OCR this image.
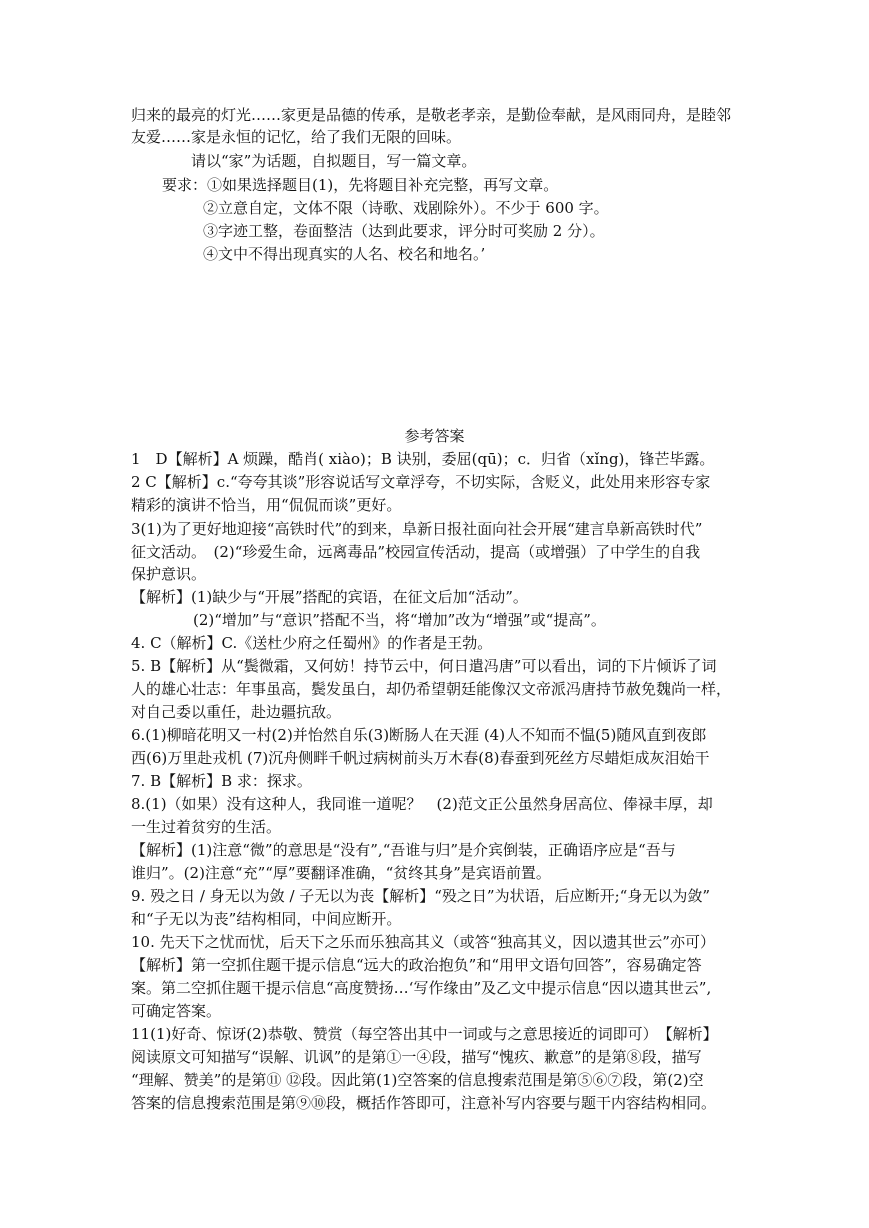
归来的最亮的灯光……家更是品德的传承，是敬老孝亲，是勤俭奉献，是风雨同舟，是睦邻
友爱……家是永恒的记忆，给了我们无限的回味。
请以“家”为话题，自拟题目，写一篇文章。
要求：①如果选择题目(1)，先将题目补充完整，再写文章。
②立意自定，文体不限（诗歌、戏剧除外）。不少于 600 字。
③字迹工整，卷面整洁（达到此要求，评分时可奖励 2 分）。
④文中不得出现真实的人名、校名和地名。’
参考答案
1　D【解析】A 烦躁，酷肖( xiào)；B 诀别，委屈(qū)；c．归省（xǐng)，锋芒毕露。
2 C【解析】c.“夸夸其谈”形容说话写文章浮夸，不切实际，含贬义，此处用来形容专家
精彩的演讲不恰当，用“侃侃而谈”更好。
3(1)为了更好地迎接“高铁时代”的到来，阜新日报社面向社会开展“建言阜新高铁时代”
征文活动。　(2)“珍爱生命，远离毒品”校园宣传活动，提高（或增强）了中学生的自我
保护意识。
【解析】(1)缺少与“开展”搭配的宾语，在征文后加“活动”。
(2)“增加”与“意识”搭配不当，将“增加”改为“增强”或“提高”。
4. C（解析】C.《送杜少府之任蜀州》的作者是王勃。
5. B【解析】从“鬓微霜，又何妨！持节云中，何日遣冯唐”可以看出，词的下片倾诉了词
人的雄心壮志：年事虽高，鬓发虽白，却仍希望朝廷能像汉文帝派冯唐持节赦免魏尚一样，
对自己委以重任，赴边疆抗敌。
6.(1)柳暗花明又一村(2)并怡然自乐(3)断肠人在天涯 (4)人不知而不愠(5)随风直到夜郎
西(6)万里赴戎机 (7)沉舟侧畔千帆过病树前头万木春(8)春蚕到死丝方尽蜡炬成灰泪始干
7. B【解析】B 求：探求。
8.(1)（如果）没有这种人，我同谁一道呢？　(2)范文正公虽然身居高位、俸禄丰厚，却
一生过着贫穷的生活。
【解析】(1)注意“微”的意思是“没有”,“吾谁与归”是介宾倒装，正确语序应是“吾与
谁归”。(2)注意“充”“厚”要翻译准确，“贫终其身”是宾语前置。
9. 殁之日 / 身无以为敛 / 子无以为丧【解析】“殁之日”为状语，后应断开;“身无以为敛”
和“子无以为丧”结构相同，中间应断开。
10. 先天下之忧而忧，后天下之乐而乐独高其义（或答“独高其义，因以遗其世云”亦可）
【解析】第一空抓住题干提示信息“远大的政治抱负”和“用甲文语句回答”，容易确定答
案。第二空抓住题干提示信息“高度赞扬…‘写作缘由”及乙文中提示信息“因以遗其世云”,
可确定答案。
11(1)好奇、惊讶(2)恭敬、赞赏（每空答出其中一词或与之意思接近的词即可）　【解析】
阅读原文可知描写“误解、讥讽”的是第①一④段，描写“愧疚、歉意”的是第⑧段，描写
“理解、赞美”的是第⑪ ⑫段。因此第(1)空答案的信息搜索范围是第⑤⑥⑦段，第(2)空
答案的信息搜索范围是第⑨⑩段，概括作答即可，注意补写内容要与题干内容结构相同。
